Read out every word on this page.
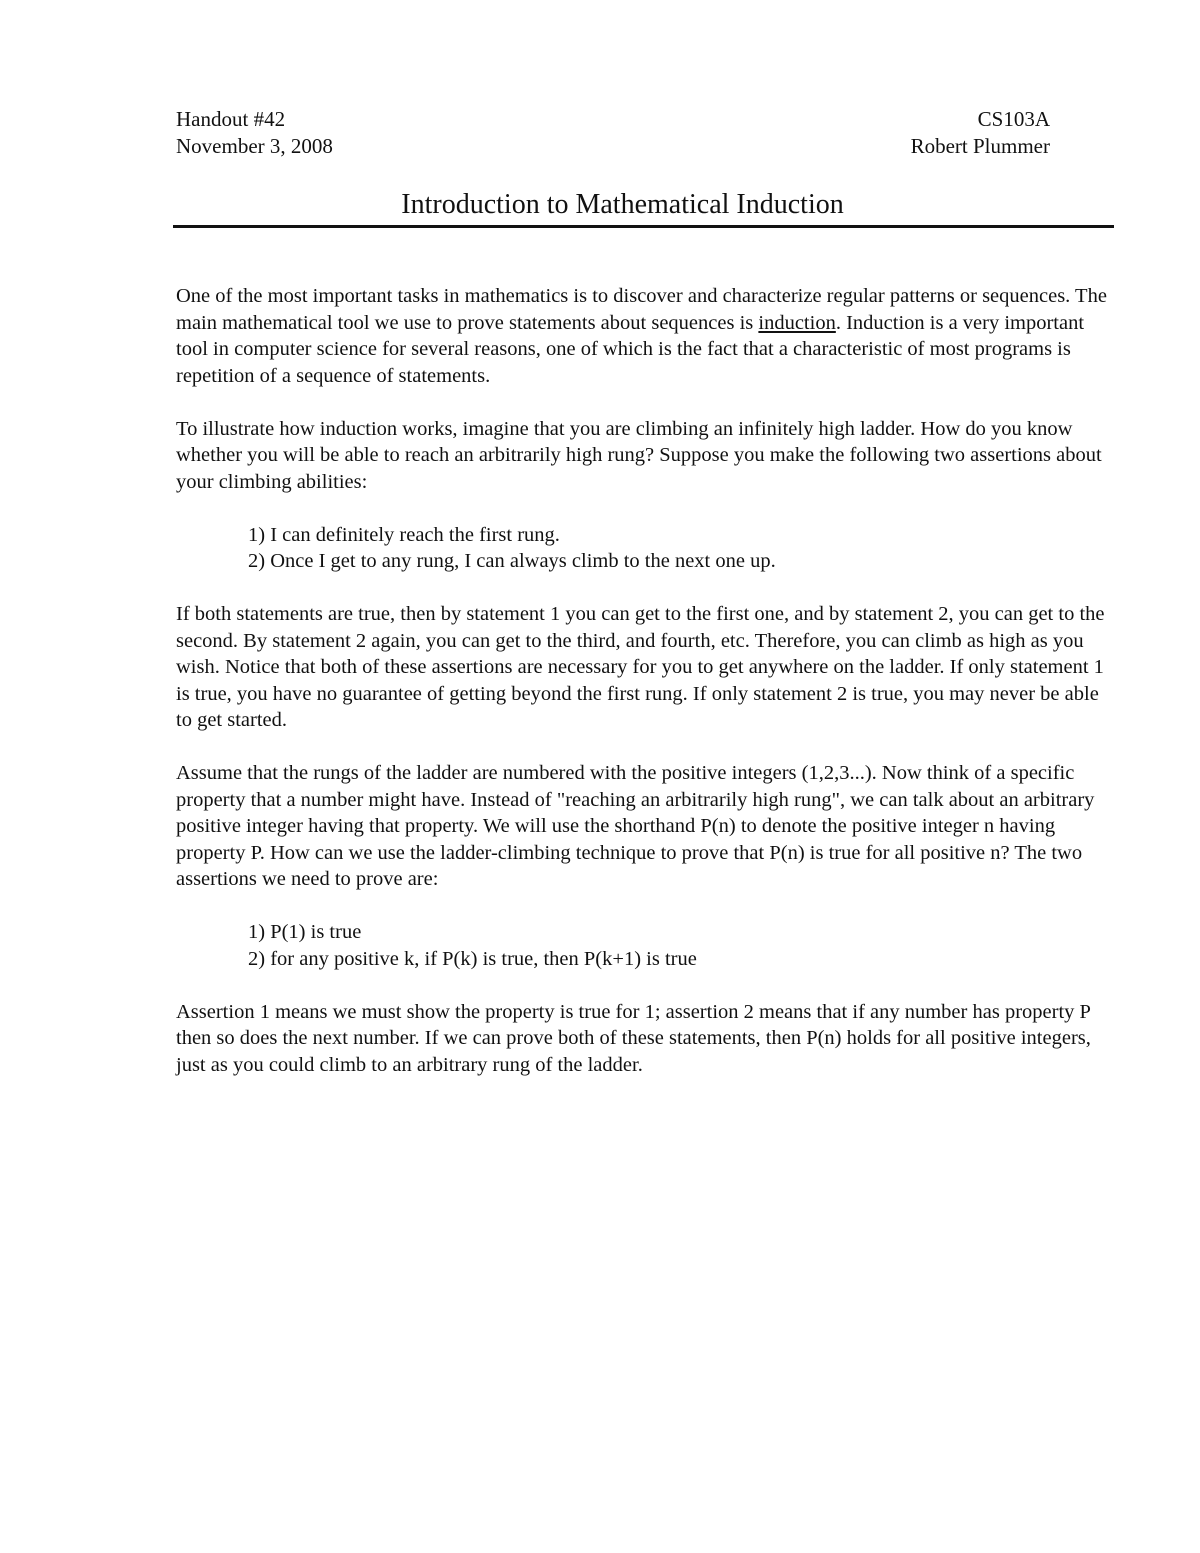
Handout #42
November 3, 2008
CS103A
Robert Plummer
Introduction to Mathematical Induction

One of the most important tasks in mathematics is to discover and characterize regular patterns or sequences. The main mathematical tool we use to prove statements about sequences is induction. Induction is a very important tool in computer science for several reasons, one of which is the fact that a characteristic of most programs is repetition of a sequence of statements.

To illustrate how induction works, imagine that you are climbing an infinitely high ladder. How do you know whether you will be able to reach an arbitrarily high rung? Suppose you make the following two assertions about your climbing abilities:

1) I can definitely reach the first rung.
2) Once I get to any rung, I can always climb to the next one up.

If both statements are true, then by statement 1 you can get to the first one, and by statement 2, you can get to the second. By statement 2 again, you can get to the third, and fourth, etc. Therefore, you can climb as high as you wish. Notice that both of these assertions are necessary for you to get anywhere on the ladder. If only statement 1 is true, you have no guarantee of getting beyond the first rung. If only statement 2 is true, you may never be able to get started.

Assume that the rungs of the ladder are numbered with the positive integers (1,2,3...). Now think of a specific property that a number might have. Instead of "reaching an arbitrarily high rung", we can talk about an arbitrary positive integer having that property. We will use the shorthand P(n) to denote the positive integer n having property P. How can we use the ladder-climbing technique to prove that P(n) is true for all positive n? The two assertions we need to prove are:

1) P(1) is true
2) for any positive k, if P(k) is true, then P(k+1) is true

Assertion 1 means we must show the property is true for 1; assertion 2 means that if any number has property P then so does the next number. If we can prove both of these statements, then P(n) holds for all positive integers, just as you could climb to an arbitrary rung of the ladder.
